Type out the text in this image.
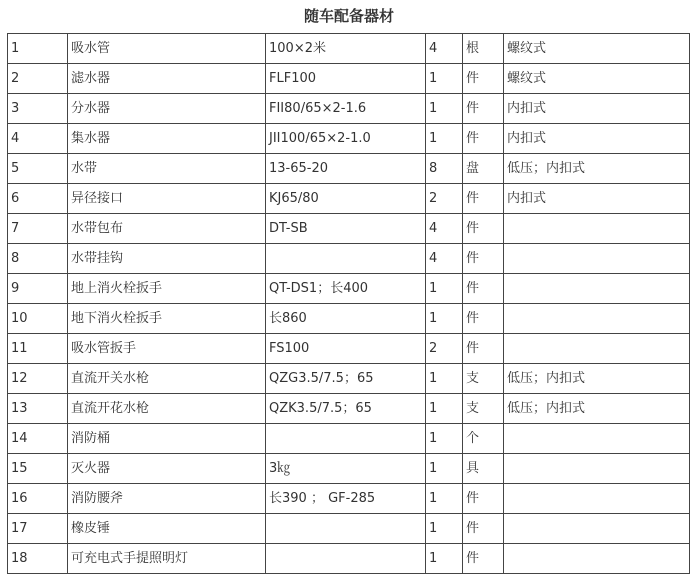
随车配备器材
1	吸水管	100×2米	4	根	螺纹式
2	滤水器	FLF100	1	件	螺纹式
3	分水器	FII80/65×2-1.6	1	件	内扣式
4	集水器	JII100/65×2-1.0	1	件	内扣式
5	水带	13-65-20	8	盘	低压；内扣式
6	异径接口	KJ65/80	2	件	内扣式
7	水带包布	DT-SB	4	件	
8	水带挂钩		4	件	
9	地上消火栓扳手	QT-DS1；长400	1	件	
10	地下消火栓扳手	长860	1	件	
11	吸水管扳手	FS100	2	件	
12	直流开关水枪	QZG3.5/7.5；65	1	支	低压；内扣式
13	直流开花水枪	QZK3.5/7.5；65	1	支	低压；内扣式
14	消防桶		1	个	
15	灭火器	3㎏	1	具	
16	消防腰斧	长390 ； GF-285	1	件	
17	橡皮锤		1	件	
18	可充电式手提照明灯		1	件	
